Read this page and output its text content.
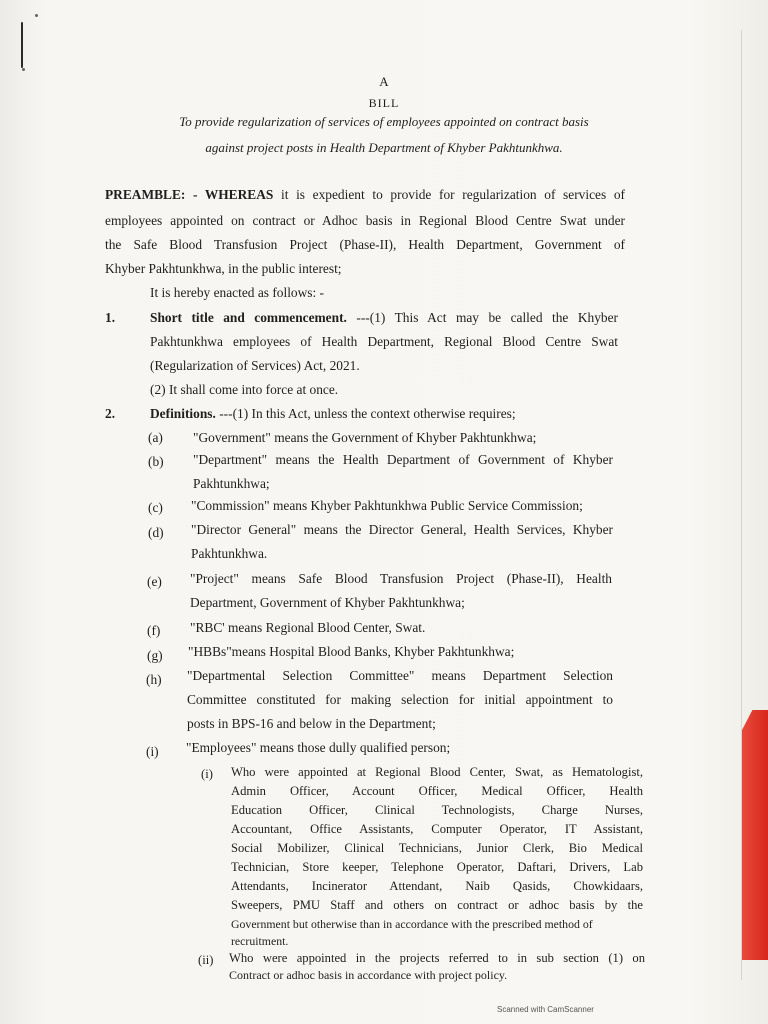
A
BILL
To provide regularization of services of employees appointed on contract basis
against project posts in Health Department of Khyber Pakhtunkhwa.
PREAMBLE: - WHEREAS it is expedient to provide for regularization of services of
employees appointed on contract or Adhoc basis in Regional Blood Centre Swat under
the Safe Blood Transfusion Project (Phase-II), Health Department, Government of
Khyber Pakhtunkhwa, in the public interest;
It is hereby enacted as follows: -
1.	Short title and commencement. ---(1) This Act may be called the Khyber
Pakhtunkhwa employees of Health Department, Regional Blood Centre Swat
(Regularization of Services) Act, 2021.
(2) It shall come into force at once.
2.	Definitions. ---(1) In this Act, unless the context otherwise requires;
(a) "Government" means the Government of Khyber Pakhtunkhwa;
(b) "Department" means the Health Department of Government of Khyber
Pakhtunkhwa;
(c) "Commission" means Khyber Pakhtunkhwa Public Service Commission;
(d) "Director General" means the Director General, Health Services, Khyber
Pakhtunkhwa.
(e) "Project" means Safe Blood Transfusion Project (Phase-II), Health
Department, Government of Khyber Pakhtunkhwa;
(f) "RBC' means Regional Blood Center, Swat.
(g) "HBBs"means Hospital Blood Banks, Khyber Pakhtunkhwa;
(h) "Departmental Selection Committee" means Department Selection
Committee constituted for making selection for initial appointment to
posts in BPS-16 and below in the Department;
(i) "Employees" means those dully qualified person;
(i) Who were appointed at Regional Blood Center, Swat, as Hematologist,
Admin Officer, Account Officer, Medical Officer, Health
Education Officer, Clinical Technologists, Charge Nurses,
Accountant, Office Assistants, Computer Operator, IT Assistant,
Social Mobilizer, Clinical Technicians, Junior Clerk, Bio Medical
Technician, Store keeper, Telephone Operator, Daftari, Drivers, Lab
Attendants, Incinerator Attendant, Naib Qasids, Chowkidaars,
Sweepers, PMU Staff and others on contract or adhoc basis by the
Government but otherwise than in accordance with the prescribed method of
recruitment.
(ii) Who were appointed in the projects referred to in sub section (1) on
Contract or adhoc basis in accordance with project policy.
Scanned with CamScanner
